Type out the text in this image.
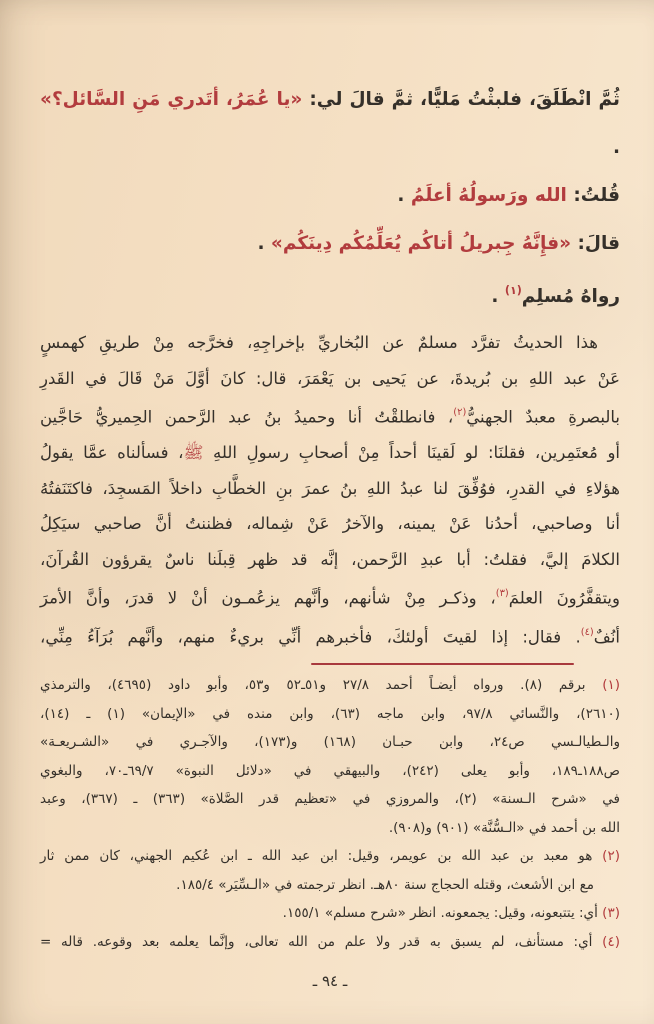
ثُمَّ انْطَلَقَ، فلبثْتُ مَليًّا، ثمَّ قالَ لي: «يا عُمَرُ، أتَدري مَنِ السَّائل؟» .
قُلتُ: الله ورَسولُهُ أعلَمُ .
قالَ: «فإِنَّهُ جِبريلُ أتاكُم يُعَلِّمُكُم دِينَكُم» .
رواهُ مُسلِم$^{(١)}$ .
هذا الحديثُ تفرَّد مسلمٌ عن البُخاريِّ بإخراجِهِ، فخرَّجه مِنْ طريقِ كهمسٍ
عَنْ عبد اللهِ بن بُريدةَ، عن يَحيى بن يَعْمَرَ، قال: كانَ أوَّلَ مَنْ قَالَ في القَدرِ
بالبصرةِ معبدٌ الجهنيُّ$^{(٢)}$، فانطلقْتُ أنا وحميدُ بنُ عبد الرَّحمن الحِميريُّ حَاجَّين
أو مُعتَمِرين، فقلنَا: لو لَقينَا أحداً مِنْ أصحابِ رسولِ اللهِ ﷺ، فسألناه عمَّا يقولُ
هؤلاءِ في القدرِ، فوُفِّقَ لنا عبدُ اللهِ بنُ عمرَ بنِ الخطَّابِ داخلاً المَسجِدَ، فاكتَنَفتُهُ
أنا وصاحبي، أحدُنا عَنْ يمينه، والآخرُ عَنْ شِماله، فظننتُ أنَّ صاحبي سيَكِلُ
الكلامَ إليَّ، فقلتُ: أبا عبدِ الرَّحمن، إنَّه قد ظهر قِبلَنا ناسٌ يقرؤون القُرآنَ،
ويتقفَّرُونَ العلمَ$^{(٣)}$، وذكـر مِنْ شأنهم، وأنَّهم يزعُمـون أنْ لا قدرَ، وأنَّ الأمرَ
أنُفٌ$^{(٤)}$. فقال: إذا لقيتَ أولئكَ، فأخبرهم أنِّي بريءٌ منهم، وأنَّهم بُرَآءُ مِنِّي،
(١) برقم (٨). ورواه أيضـاً أحمد ٢٧/٨ و٥١ـ٥٢ و٥٣، وأبو داود (٤٦٩٥)، والترمذي
(٢٦١٠)، والنَّسائي ٩٧/٨، وابن ماجه (٦٣)، وابن منده في «الإيمان» (١) ـ (١٤)،
والـطيالـسي ص٢٤، وابن حبـان (١٦٨) و(١٧٣)، والآجـري في «الشـريعـة»
ص١٨٨ـ١٨٩، وأبو يعلى (٢٤٢)، والبيهقي في «دلائل النبوة» ٦٩/٧ـ٧٠، والبغوي
في «شرح الـسنة» (٢)، والمروزي في «تعظيم قدر الصَّلاة» (٣٦٣) ـ (٣٦٧)، وعبد
الله بن أحمد في «الـسُّنَّة» (٩٠١) و(٩٠٨).
(٢) هو معبد بن عبد الله بن عويمر، وقيل: ابن عبد الله ـ ابن عُكيم الجهني، كان ممن ثار
مع ابن الأشعث، وقتله الحجاج سنة ٨٠هـ. انظر ترجمته في «الـسِّيَر» ١٨٥/٤.
(٣) أي: يتتبعونه، وقيل: يجمعونه. انظر «شرح مسلم» ١٥٥/١.
(٤) أي: مستأنف، لم يسبق به قدر ولا علم من الله تعالى، وإنَّما يعلمه بعد وقوعه. قاله =
ـ ٩٤ ـ
